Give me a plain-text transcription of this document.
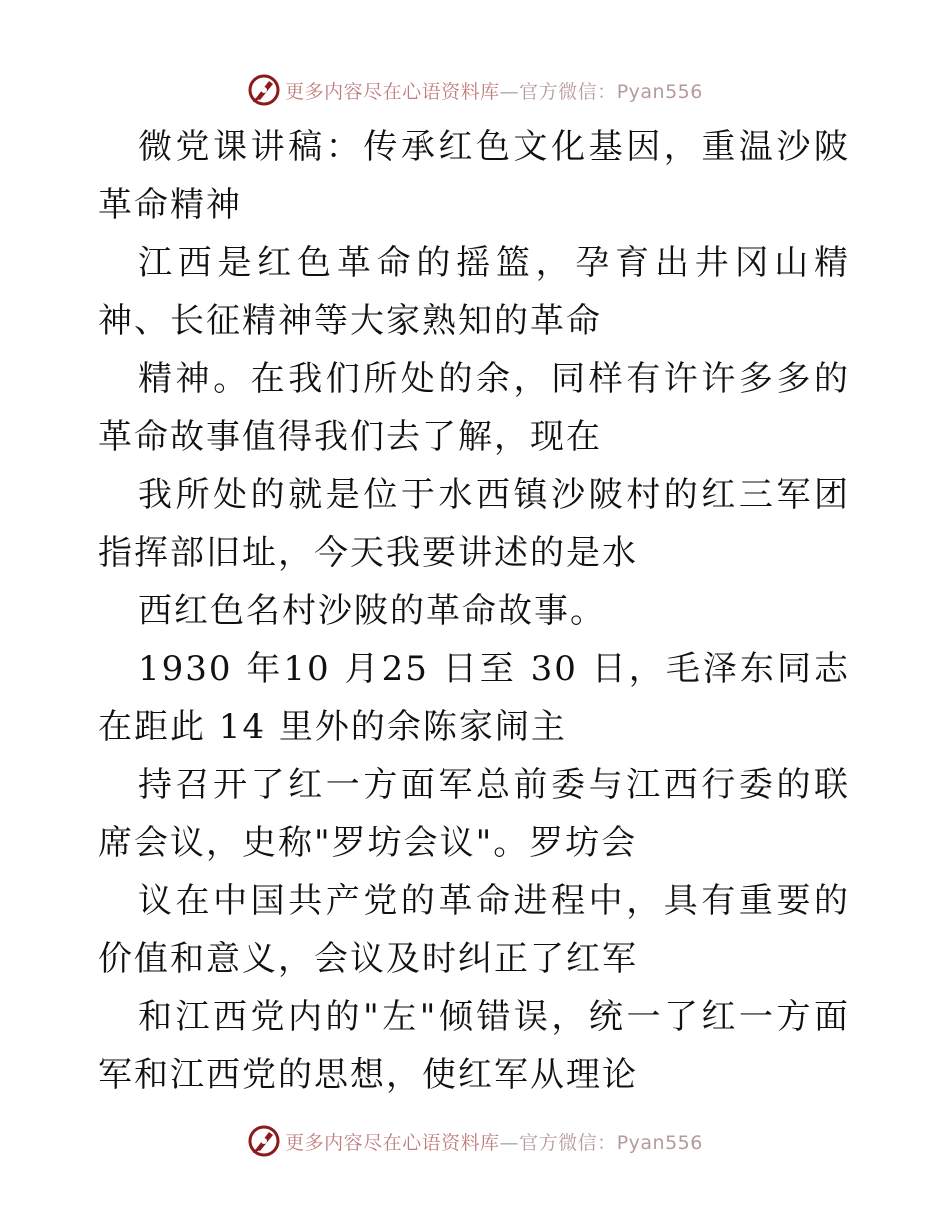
更多内容尽在心语资料库—官方微信：Pyan556

微党课讲稿：传承红色文化基因，重温沙陂革命精神

江西是红色革命的摇篮，孕育出井冈山精神、长征精神等大家熟知的革命

精神。在我们所处的余，同样有许许多多的革命故事值得我们去了解，现在

我所处的就是位于水西镇沙陂村的红三军团指挥部旧址，今天我要讲述的是水

西红色名村沙陂的革命故事。

1930 年10 月25 日至 30 日，毛泽东同志在距此 14 里外的余陈家闹主

持召开了红一方面军总前委与江西行委的联席会议，史称"罗坊会议"。罗坊会

议在中国共产党的革命进程中，具有重要的价值和意义，会议及时纠正了红军

和江西党内的"左"倾错误，统一了红一方面军和江西党的思想，使红军从理论

更多内容尽在心语资料库—官方微信：Pyan556
